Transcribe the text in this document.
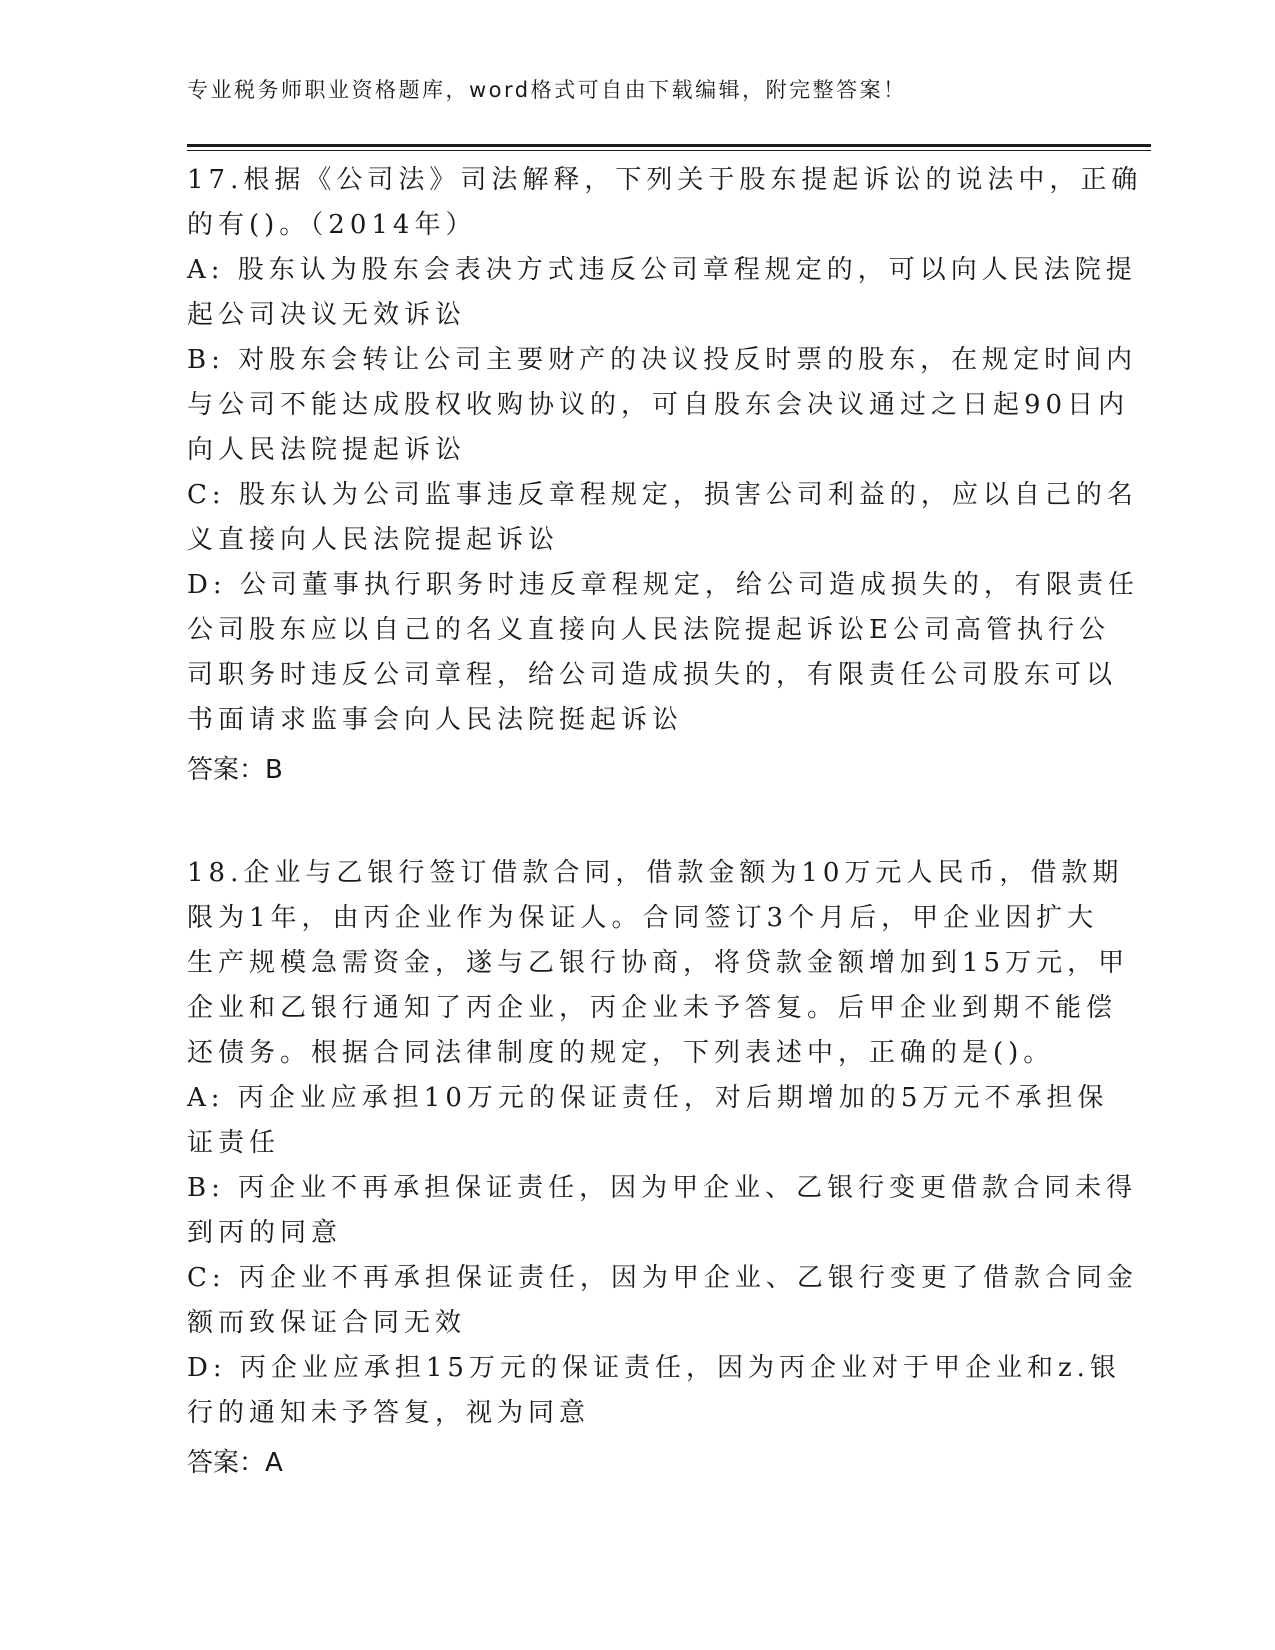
专业税务师职业资格题库，word格式可自由下载编辑，附完整答案！
17.根据《公司法》司法解释，下列关于股东提起诉讼的说法中，正确
的有()。（2014年）
A: 股东认为股东会表决方式违反公司章程规定的，可以向人民法院提
起公司决议无效诉讼
B: 对股东会转让公司主要财产的决议投反时票的股东，在规定时间内
与公司不能达成股权收购协议的，可自股东会决议通过之日起90日内
向人民法院提起诉讼
C: 股东认为公司监事违反章程规定，损害公司利益的，应以自己的名
义直接向人民法院提起诉讼
D: 公司董事执行职务时违反章程规定，给公司造成损失的，有限责任
公司股东应以自己的名义直接向人民法院提起诉讼E公司高管执行公
司职务时违反公司章程，给公司造成损失的，有限责任公司股东可以
书面请求监事会向人民法院挺起诉讼
答案：B
18.企业与乙银行签订借款合同，借款金额为10万元人民币，借款期
限为1年，由丙企业作为保证人。合同签订3个月后，甲企业因扩大
生产规模急需资金，遂与乙银行协商，将贷款金额增加到15万元，甲
企业和乙银行通知了丙企业，丙企业未予答复。后甲企业到期不能偿
还债务。根据合同法律制度的规定，下列表述中，正确的是()。
A: 丙企业应承担10万元的保证责任，对后期增加的5万元不承担保
证责任
B: 丙企业不再承担保证责任，因为甲企业、乙银行变更借款合同未得
到丙的同意
C: 丙企业不再承担保证责任，因为甲企业、乙银行变更了借款合同金
额而致保证合同无效
D: 丙企业应承担15万元的保证责任，因为丙企业对于甲企业和z.银
行的通知未予答复，视为同意
答案：A
